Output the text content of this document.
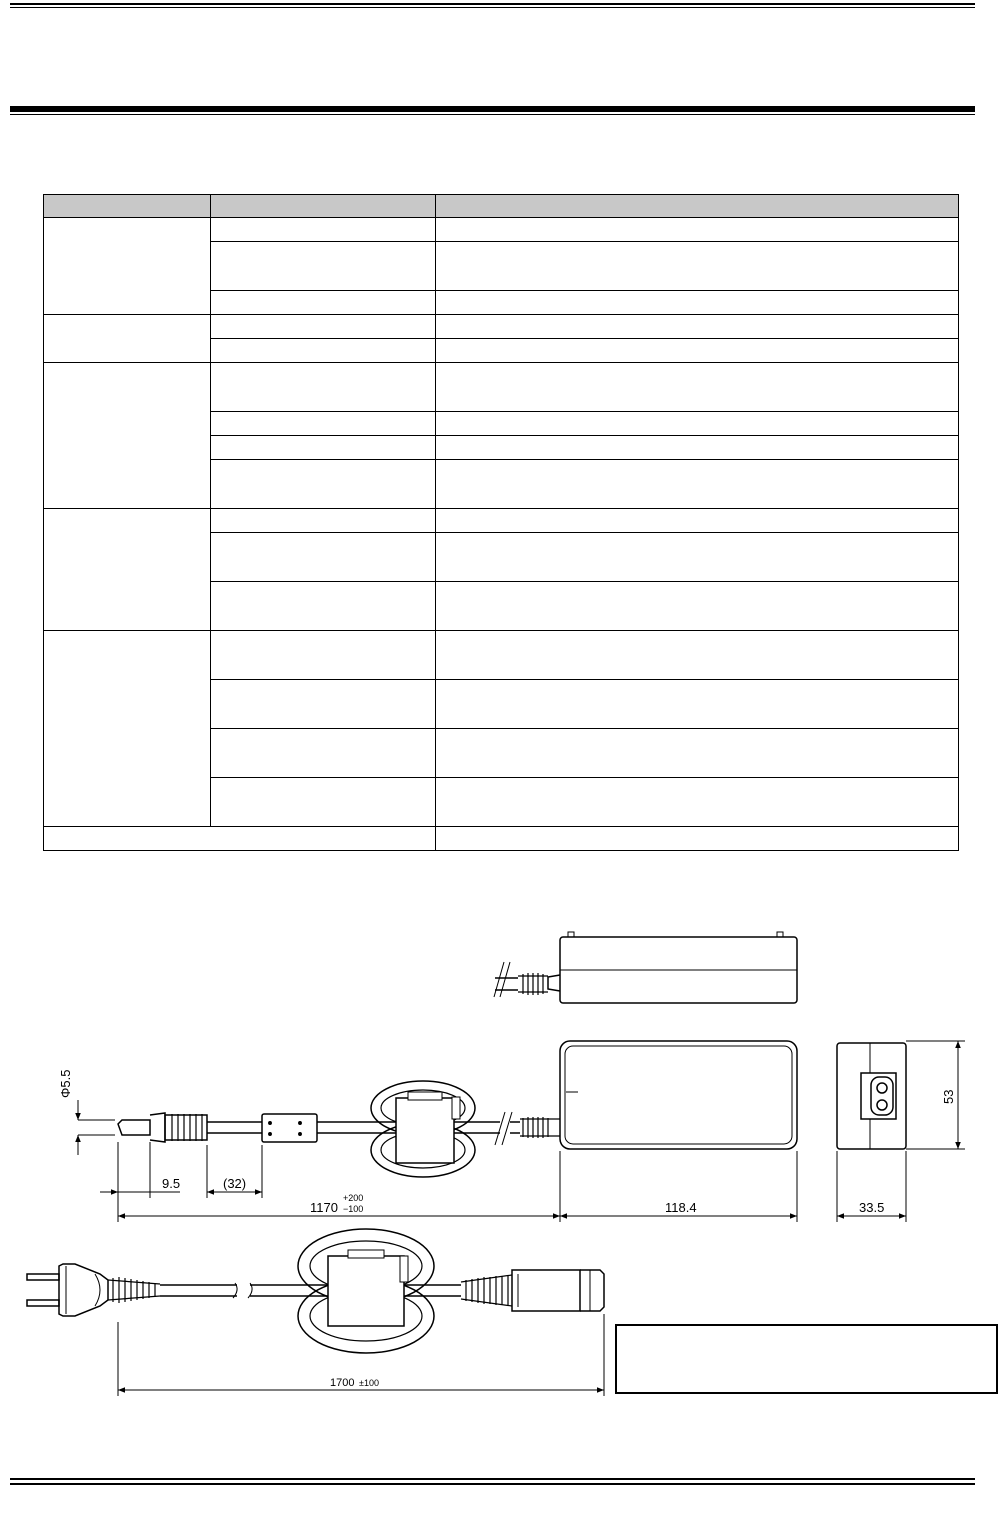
Φ5.5
9.5	(32)
1170
+200
−100	118.4	33.5
53
1700 ±100
